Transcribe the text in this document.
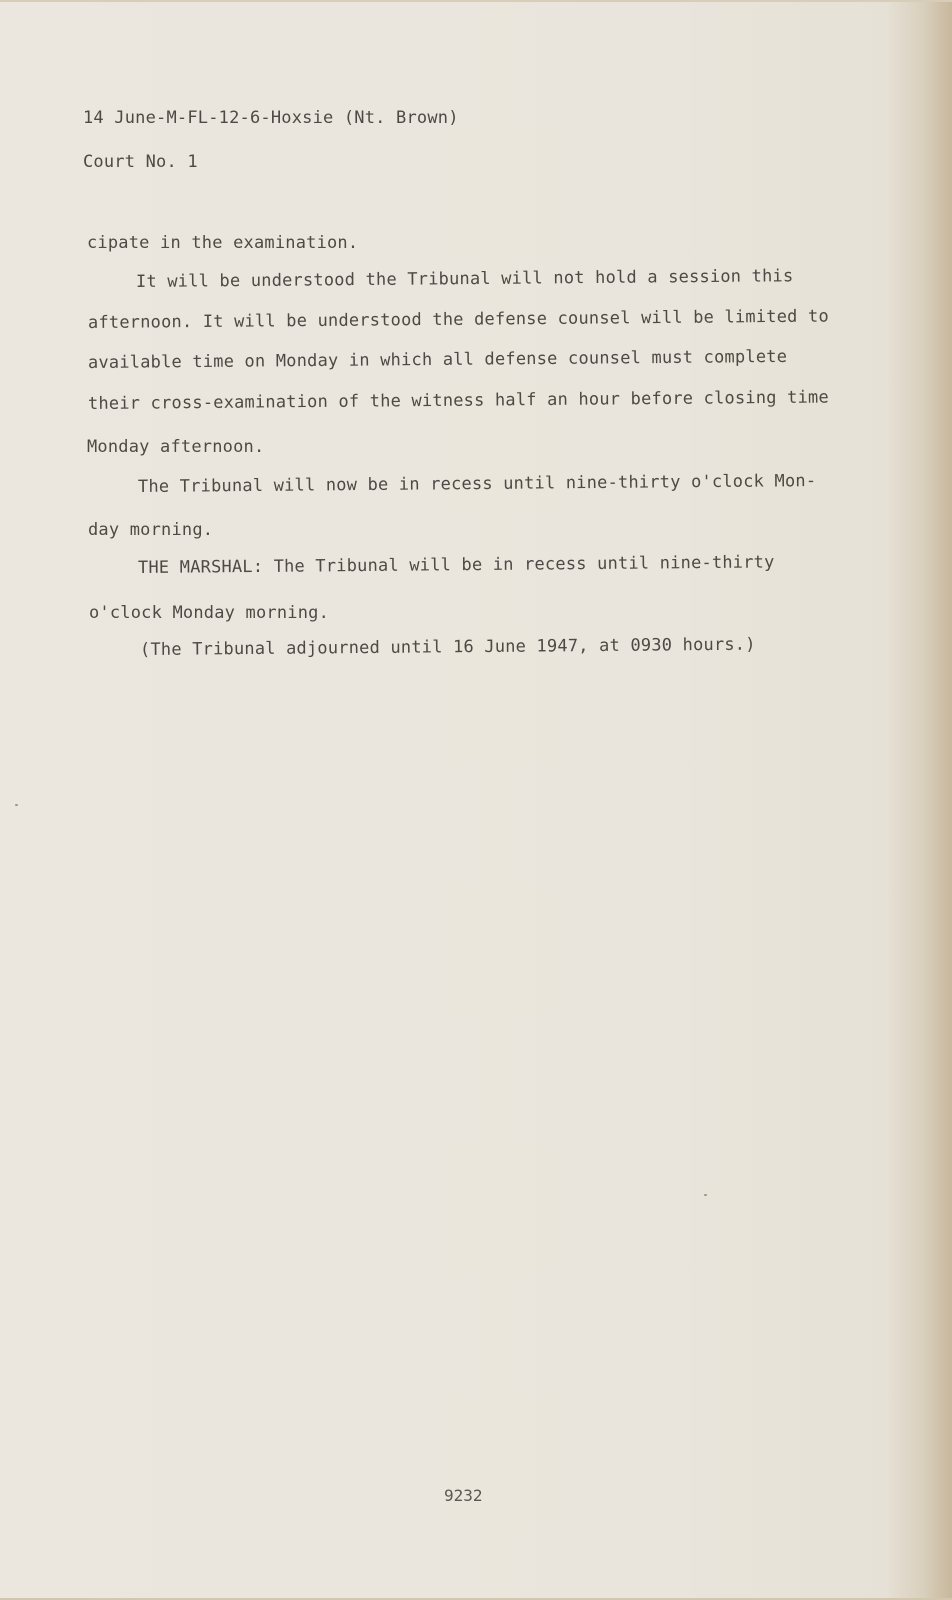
14 June-M-FL-12-6-Hoxsie (Nt. Brown)
Court No. 1
cipate in the examination.
It will be understood the Tribunal will not hold a session this
afternoon. It will be understood the defense counsel will be limited to
available time on Monday in which all defense counsel must complete
their cross-examination of the witness half an hour before closing time
Monday afternoon.
The Tribunal will now be in recess until nine-thirty o'clock Mon-
day morning.
THE MARSHAL: The Tribunal will be in recess until nine-thirty
o'clock Monday morning.
(The Tribunal adjourned until 16 June 1947, at 0930 hours.)
9232
